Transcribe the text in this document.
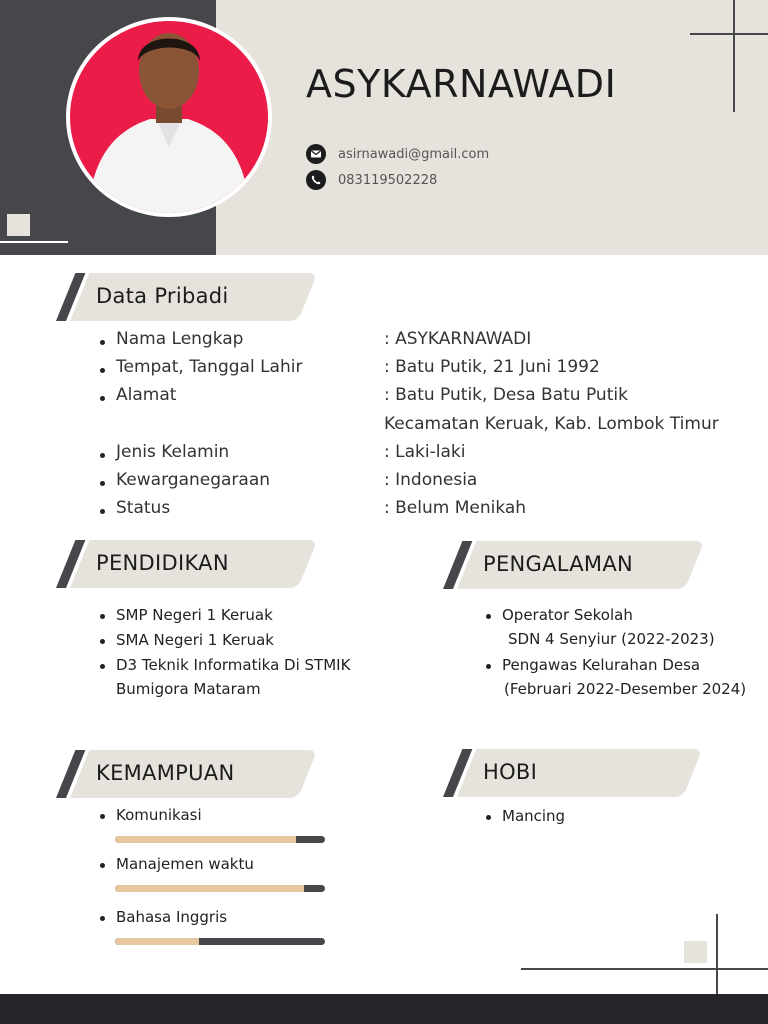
ASYKARNAWADI
asirnawadi@gmail.com
083119502228
Data Pribadi
Nama Lengkap	: ASYKARNAWADI
Tempat, Tanggal Lahir	: Batu Putik, 21 Juni 1992
Alamat	: Batu Putik, Desa Batu Putik
Kecamatan Keruak, Kab. Lombok Timur
Jenis Kelamin	: Laki-laki
Kewarganegaraan	: Indonesia
Status	: Belum Menikah
PENDIDIKAN
SMP Negeri 1 Keruak
SMA Negeri 1 Keruak
D3 Teknik Informatika Di STMIK
Bumigora Mataram
PENGALAMAN
Operator Sekolah
SDN 4 Senyiur (2022-2023)
Pengawas Kelurahan Desa
(Februari 2022-Desember 2024)
KEMAMPUAN
Komunikasi
Manajemen waktu
Bahasa Inggris
HOBI
Mancing
